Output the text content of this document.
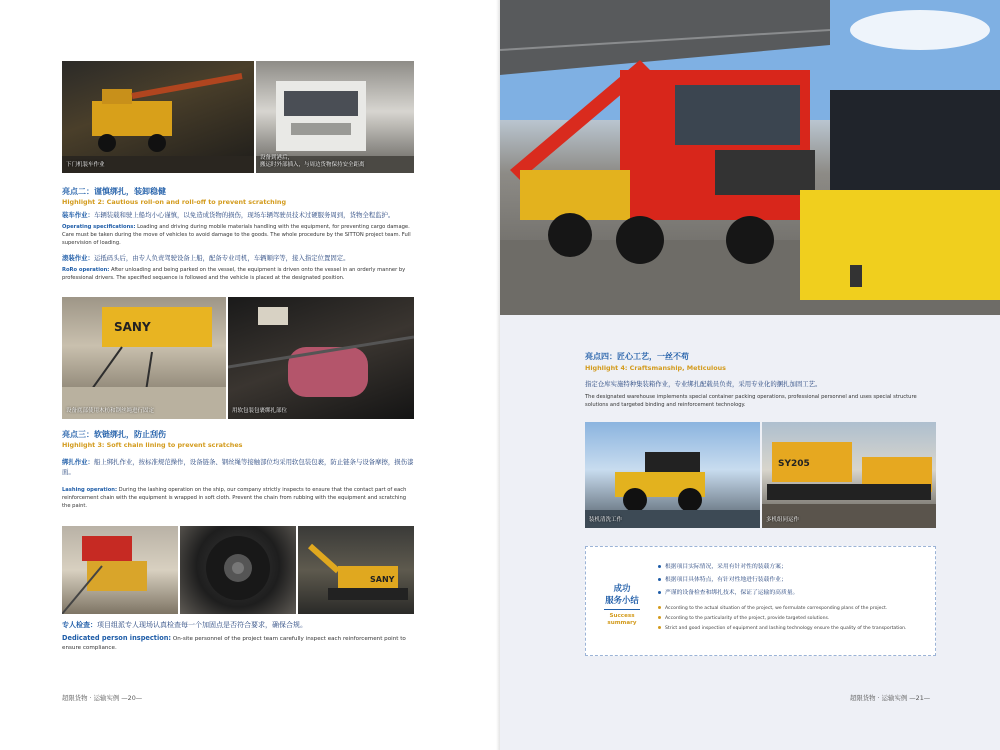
下门机装车作业
设备到港后，
搬运时外部插入，与周边货物保持安全距离
亮点二：谨慎绑扎，装卸稳健
Highlight 2: Cautious roll-on and roll-off to prevent scratching
装车作业：车辆装载和驶上船均小心谨慎，以免造成货物的损伤，现场车辆驾驶员技术过硬服务周到，货物全程监护。
Operating specifications: Loading and driving during mobile materials handling with the equipment, for preventing cargo damage. Care must be taken during the move of vehicles to avoid damage to the goods. The whole procedure by the SITTON project team. Full supervision of loading.
滚装作业：运抵码头后，由专人负责驾驶设备上船，配备专业司机，车辆顺序等，接入指定位置固定。
RoRo operation: After unloading and being parked on the vessel, the equipment is driven onto the vessel in an orderly manner by professional drivers. The specified sequence is followed and the vehicle is placed at the designated position.
SANY
设备底部使用木枋和钢丝绳进行固定	用软包装包裹绑扎部位
亮点三：软链绑扎，防止刮伤
Highlight 3: Soft chain lining to prevent scratches
绑扎作业：船上绑扎作业，按标准规范操作，设备链条、钢丝绳等接触部位均采用软包装包裹，防止链条与设备摩擦，损伤漆面。
Lashing operation: During the lashing operation on the ship, our company strictly inspects to ensure that the contact part of each reinforcement chain with the equipment is wrapped in soft cloth. Prevent the chain from rubbing with the equipment and scratching the paint.
SANY
专人检查：项目组派专人现场认真检查每一个加固点是否符合要求，确保合规。
Dedicated person inspection: On-site personnel of the project team carefully inspect each reinforcement point to ensure compliance.
超限货物 · 运输实例 —20—
亮点四：匠心工艺，一丝不苟
Highlight 4: Craftsmanship, Meticulous
指定仓库实施特种集装箱作业，专业绑扎配载员负责，采用专业化的捆扎加固工艺。
The designated warehouse implements special container packing operations, professional personnel and uses special structure solutions and targeted binding and reinforcement technology.
装机清洗工作
SY205
多机组同运作
超限货物 · 运输实例 —21—
成功
服务小结
Success
summary
根据项目实际情况，采用有针对性的装载方案；
根据项目具体特点，有针对性地进行装载作业；
严谨的设备检查和绑扎技术，保证了运输的高质量。
According to the actual situation of the project, we formulate corresponding plans of the project.
According to the particularity of the project, provide targeted solutions.
Strict and good inspection of equipment and lashing technology ensure the quality of the transportation.
